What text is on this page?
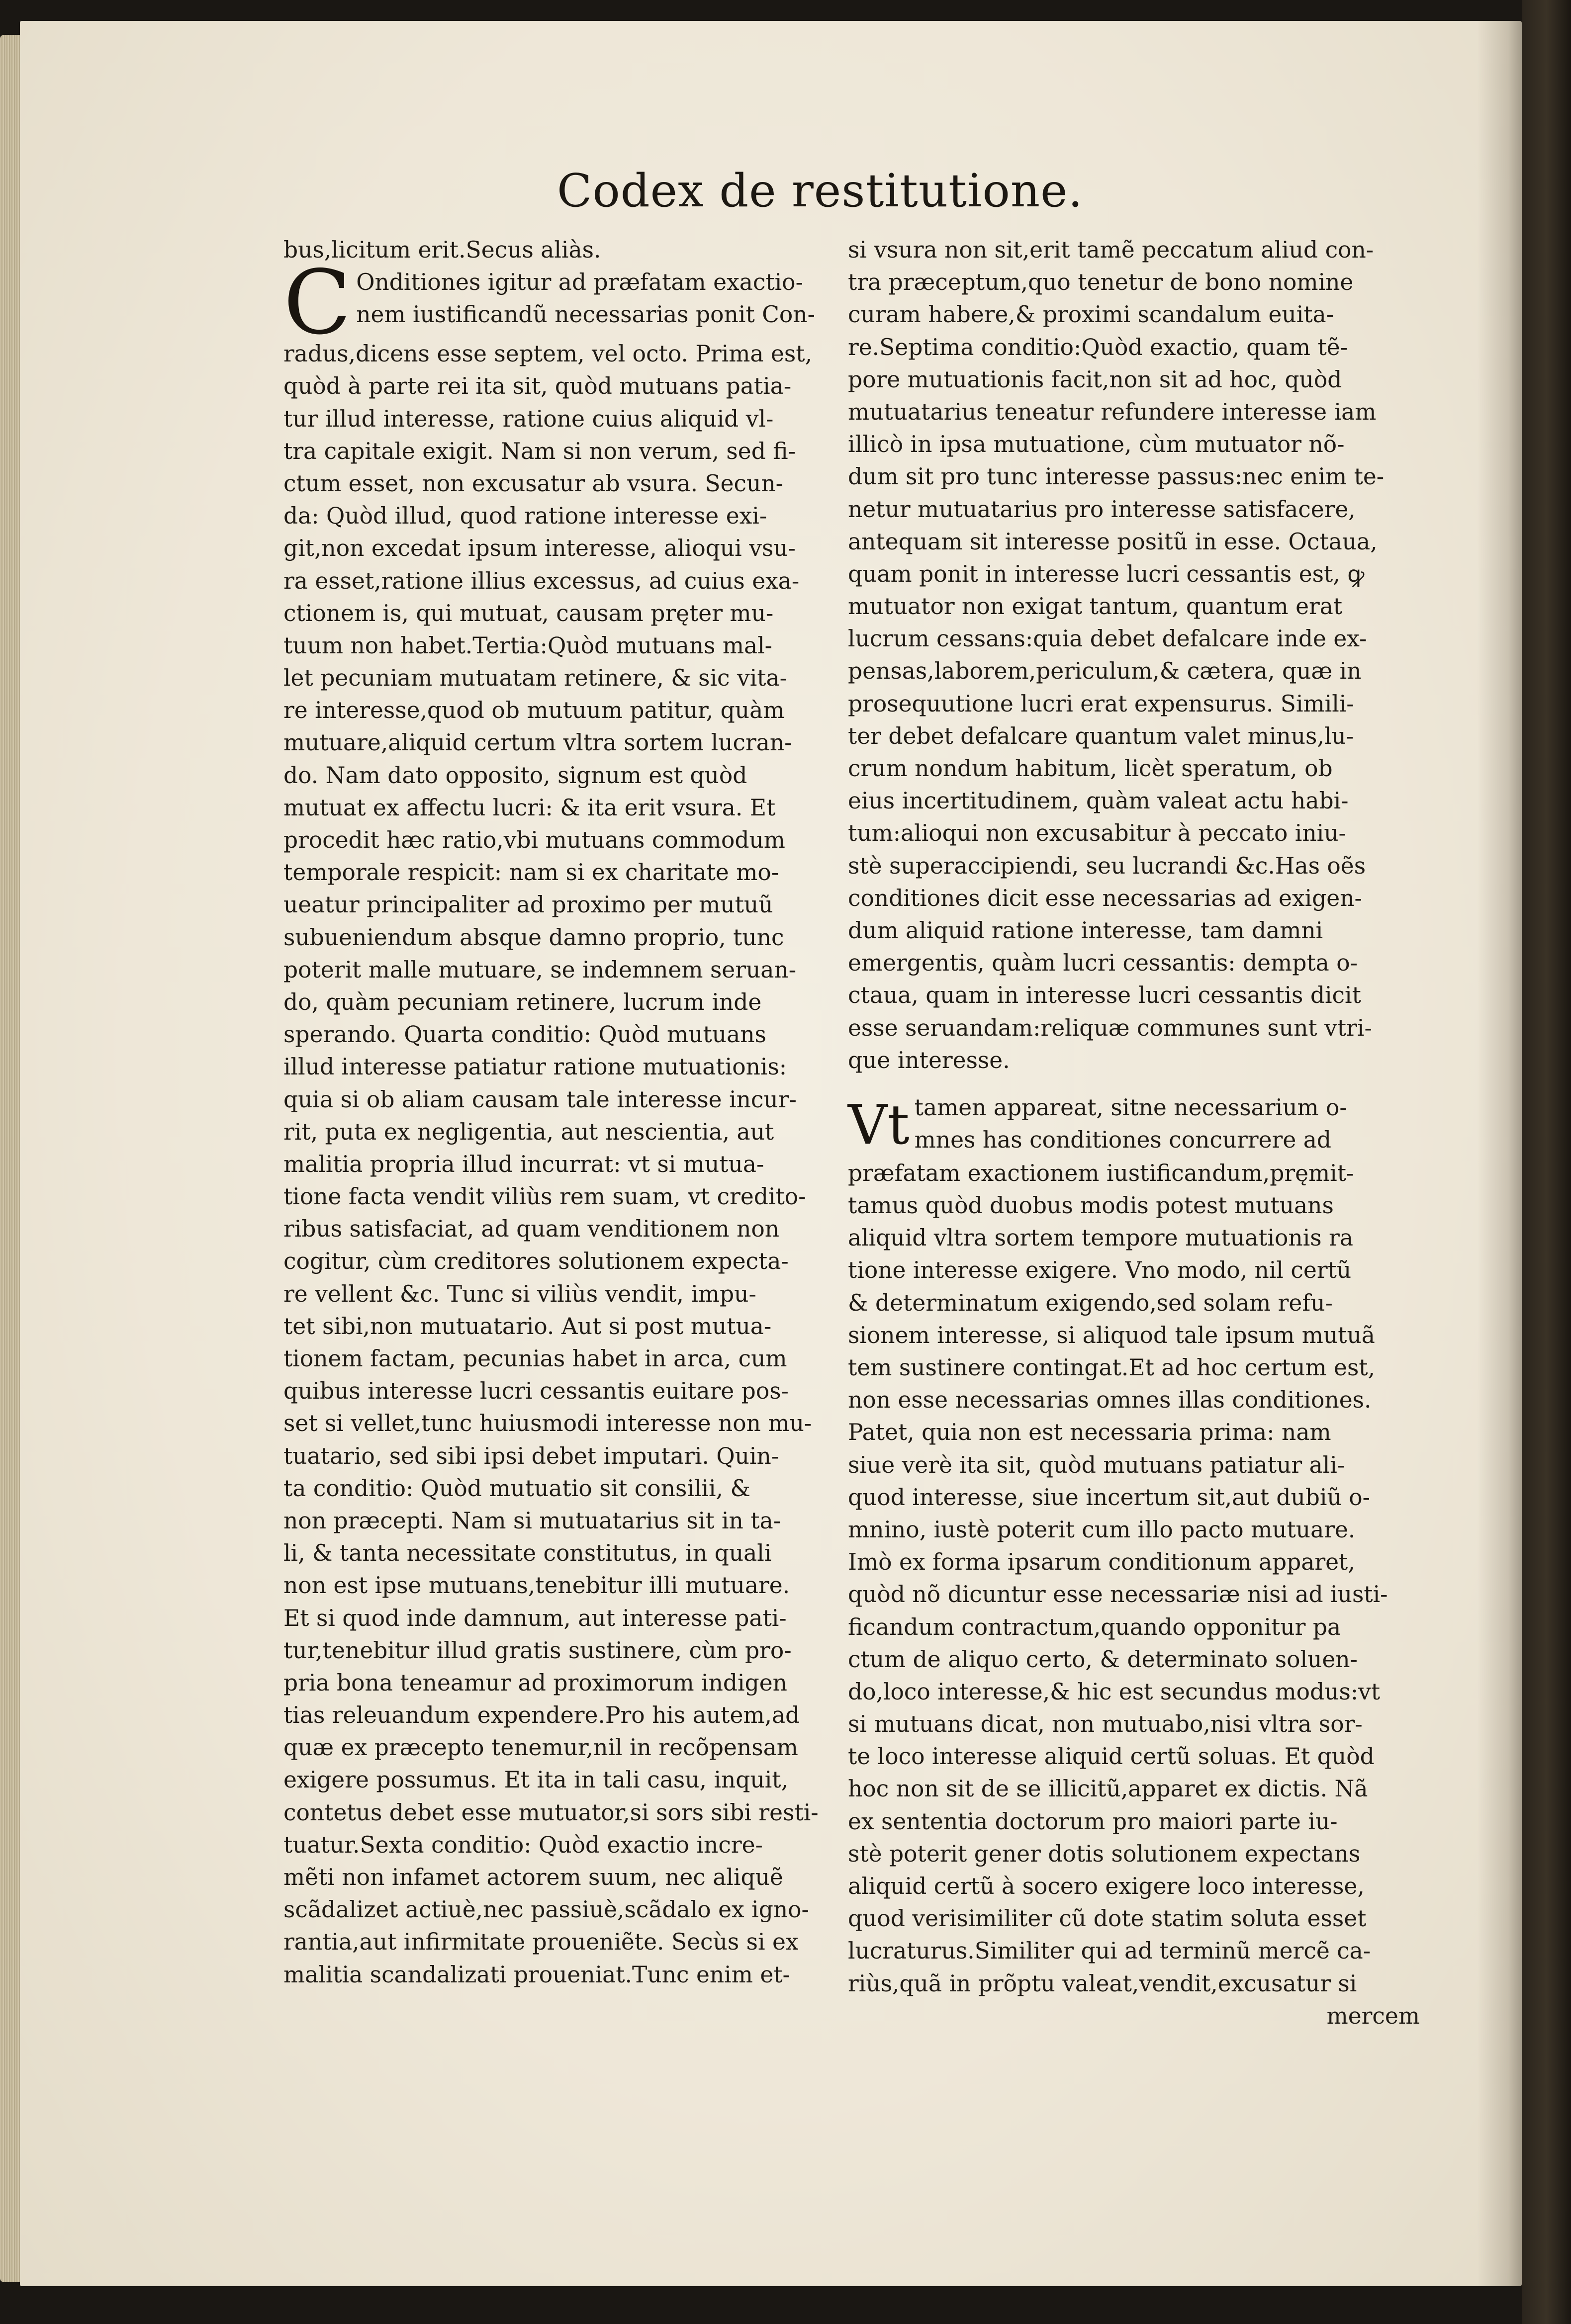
Codex de restitutione.
bus,licitum erit.Secus aliàs.
C Onditiones igitur ad præfatam exactio-
nem iustificandũ necessarias ponit Con-
radus,dicens esse septem, vel octo. Prima est,
quòd à parte rei ita sit, quòd mutuans patia-
tur illud interesse, ratione cuius aliquid vl-
tra capitale exigit. Nam si non verum, sed fi-
ctum esset, non excusatur ab vsura. Secun-
da: Quòd illud, quod ratione interesse exi-
git,non excedat ipsum interesse, alioqui vsu-
ra esset,ratione illius excessus, ad cuius exa-
ctionem is, qui mutuat, causam pręter mu-
tuum non habet.Tertia:Quòd mutuans mal-
let pecuniam mutuatam retinere, & sic vita-
re interesse,quod ob mutuum patitur, quàm
mutuare,aliquid certum vltra sortem lucran-
do. Nam dato opposito, signum est quòd
mutuat ex affectu lucri: & ita erit vsura. Et
procedit hæc ratio,vbi mutuans commodum
temporale respicit: nam si ex charitate mo-
ueatur principaliter ad proximo per mutuũ
subueniendum absque damno proprio, tunc
poterit malle mutuare, se indemnem seruan-
do, quàm pecuniam retinere, lucrum inde
sperando. Quarta conditio: Quòd mutuans
illud interesse patiatur ratione mutuationis:
quia si ob aliam causam tale interesse incur-
rit, puta ex negligentia, aut nescientia, aut
malitia propria illud incurrat: vt si mutua-
tione facta vendit viliùs rem suam, vt credito-
ribus satisfaciat, ad quam venditionem non
cogitur, cùm creditores solutionem expecta-
re vellent &c. Tunc si viliùs vendit, impu-
tet sibi,non mutuatario. Aut si post mutua-
tionem factam, pecunias habet in arca, cum
quibus interesse lucri cessantis euitare pos-
set si vellet,tunc huiusmodi interesse non mu-
tuatario, sed sibi ipsi debet imputari. Quin-
ta conditio: Quòd mutuatio sit consilii, &
non præcepti. Nam si mutuatarius sit in ta-
li, & tanta necessitate constitutus, in quali
non est ipse mutuans,tenebitur illi mutuare.
Et si quod inde damnum, aut interesse pati-
tur,tenebitur illud gratis sustinere, cùm pro-
pria bona teneamur ad proximorum indigen
tias releuandum expendere.Pro his autem,ad
quæ ex præcepto tenemur,nil in recõpensam
exigere possumus. Et ita in tali casu, inquit,
contetus debet esse mutuator,si sors sibi resti-
tuatur.Sexta conditio: Quòd exactio incre-
mẽti non infamet actorem suum, nec aliquẽ
scãdalizet actiuè,nec passiuè,scãdalo ex igno-
rantia,aut infirmitate proueniẽte. Secùs si ex
malitia scandalizati proueniat.Tunc enim et-
si vsura non sit,erit tamẽ peccatum aliud con-
tra præceptum,quo tenetur de bono nomine
curam habere,& proximi scandalum euita-
re.Septima conditio:Quòd exactio, quam tẽ-
pore mutuationis facit,non sit ad hoc, quòd
mutuatarius teneatur refundere interesse iam
illicò in ipsa mutuatione, cùm mutuator nõ-
dum sit pro tunc interesse passus:nec enim te-
netur mutuatarius pro interesse satisfacere,
antequam sit interesse positũ in esse. Octaua,
quam ponit in interesse lucri cessantis est, ꝙ
mutuator non exigat tantum, quantum erat
lucrum cessans:quia debet defalcare inde ex-
pensas,laborem,periculum,& cætera, quæ in
prosequutione lucri erat expensurus. Simili-
ter debet defalcare quantum valet minus,lu-
crum nondum habitum, licèt speratum, ob
eius incertitudinem, quàm valeat actu habi-
tum:alioqui non excusabitur à peccato iniu-
stè superaccipiendi, seu lucrandi &c.Has oẽs
conditiones dicit esse necessarias ad exigen-
dum aliquid ratione interesse, tam damni
emergentis, quàm lucri cessantis: dempta o-
ctaua, quam in interesse lucri cessantis dicit
esse seruandam:reliquæ communes sunt vtri-
que interesse.
Vt tamen appareat, sitne necessarium o-
mnes has conditiones concurrere ad
præfatam exactionem iustificandum,pręmit-
tamus quòd duobus modis potest mutuans
aliquid vltra sortem tempore mutuationis ra
tione interesse exigere. Vno modo, nil certũ
& determinatum exigendo,sed solam refu-
sionem interesse, si aliquod tale ipsum mutuã
tem sustinere contingat.Et ad hoc certum est,
non esse necessarias omnes illas conditiones.
Patet, quia non est necessaria prima: nam
siue verè ita sit, quòd mutuans patiatur ali-
quod interesse, siue incertum sit,aut dubiũ o-
mnino, iustè poterit cum illo pacto mutuare.
Imò ex forma ipsarum conditionum apparet,
quòd nõ dicuntur esse necessariæ nisi ad iusti-
ficandum contractum,quando opponitur pa
ctum de aliquo certo, & determinato soluen-
do,loco interesse,& hic est secundus modus:vt
si mutuans dicat, non mutuabo,nisi vltra sor-
te loco interesse aliquid certũ soluas. Et quòd
hoc non sit de se illicitũ,apparet ex dictis. Nã
ex sententia doctorum pro maiori parte iu-
stè poterit gener dotis solutionem expectans
aliquid certũ à socero exigere loco interesse,
quod verisimiliter cũ dote statim soluta esset
lucraturus.Similiter qui ad terminũ mercẽ ca-
riùs,quã in prõptu valeat,vendit,excusatur si
mercem
